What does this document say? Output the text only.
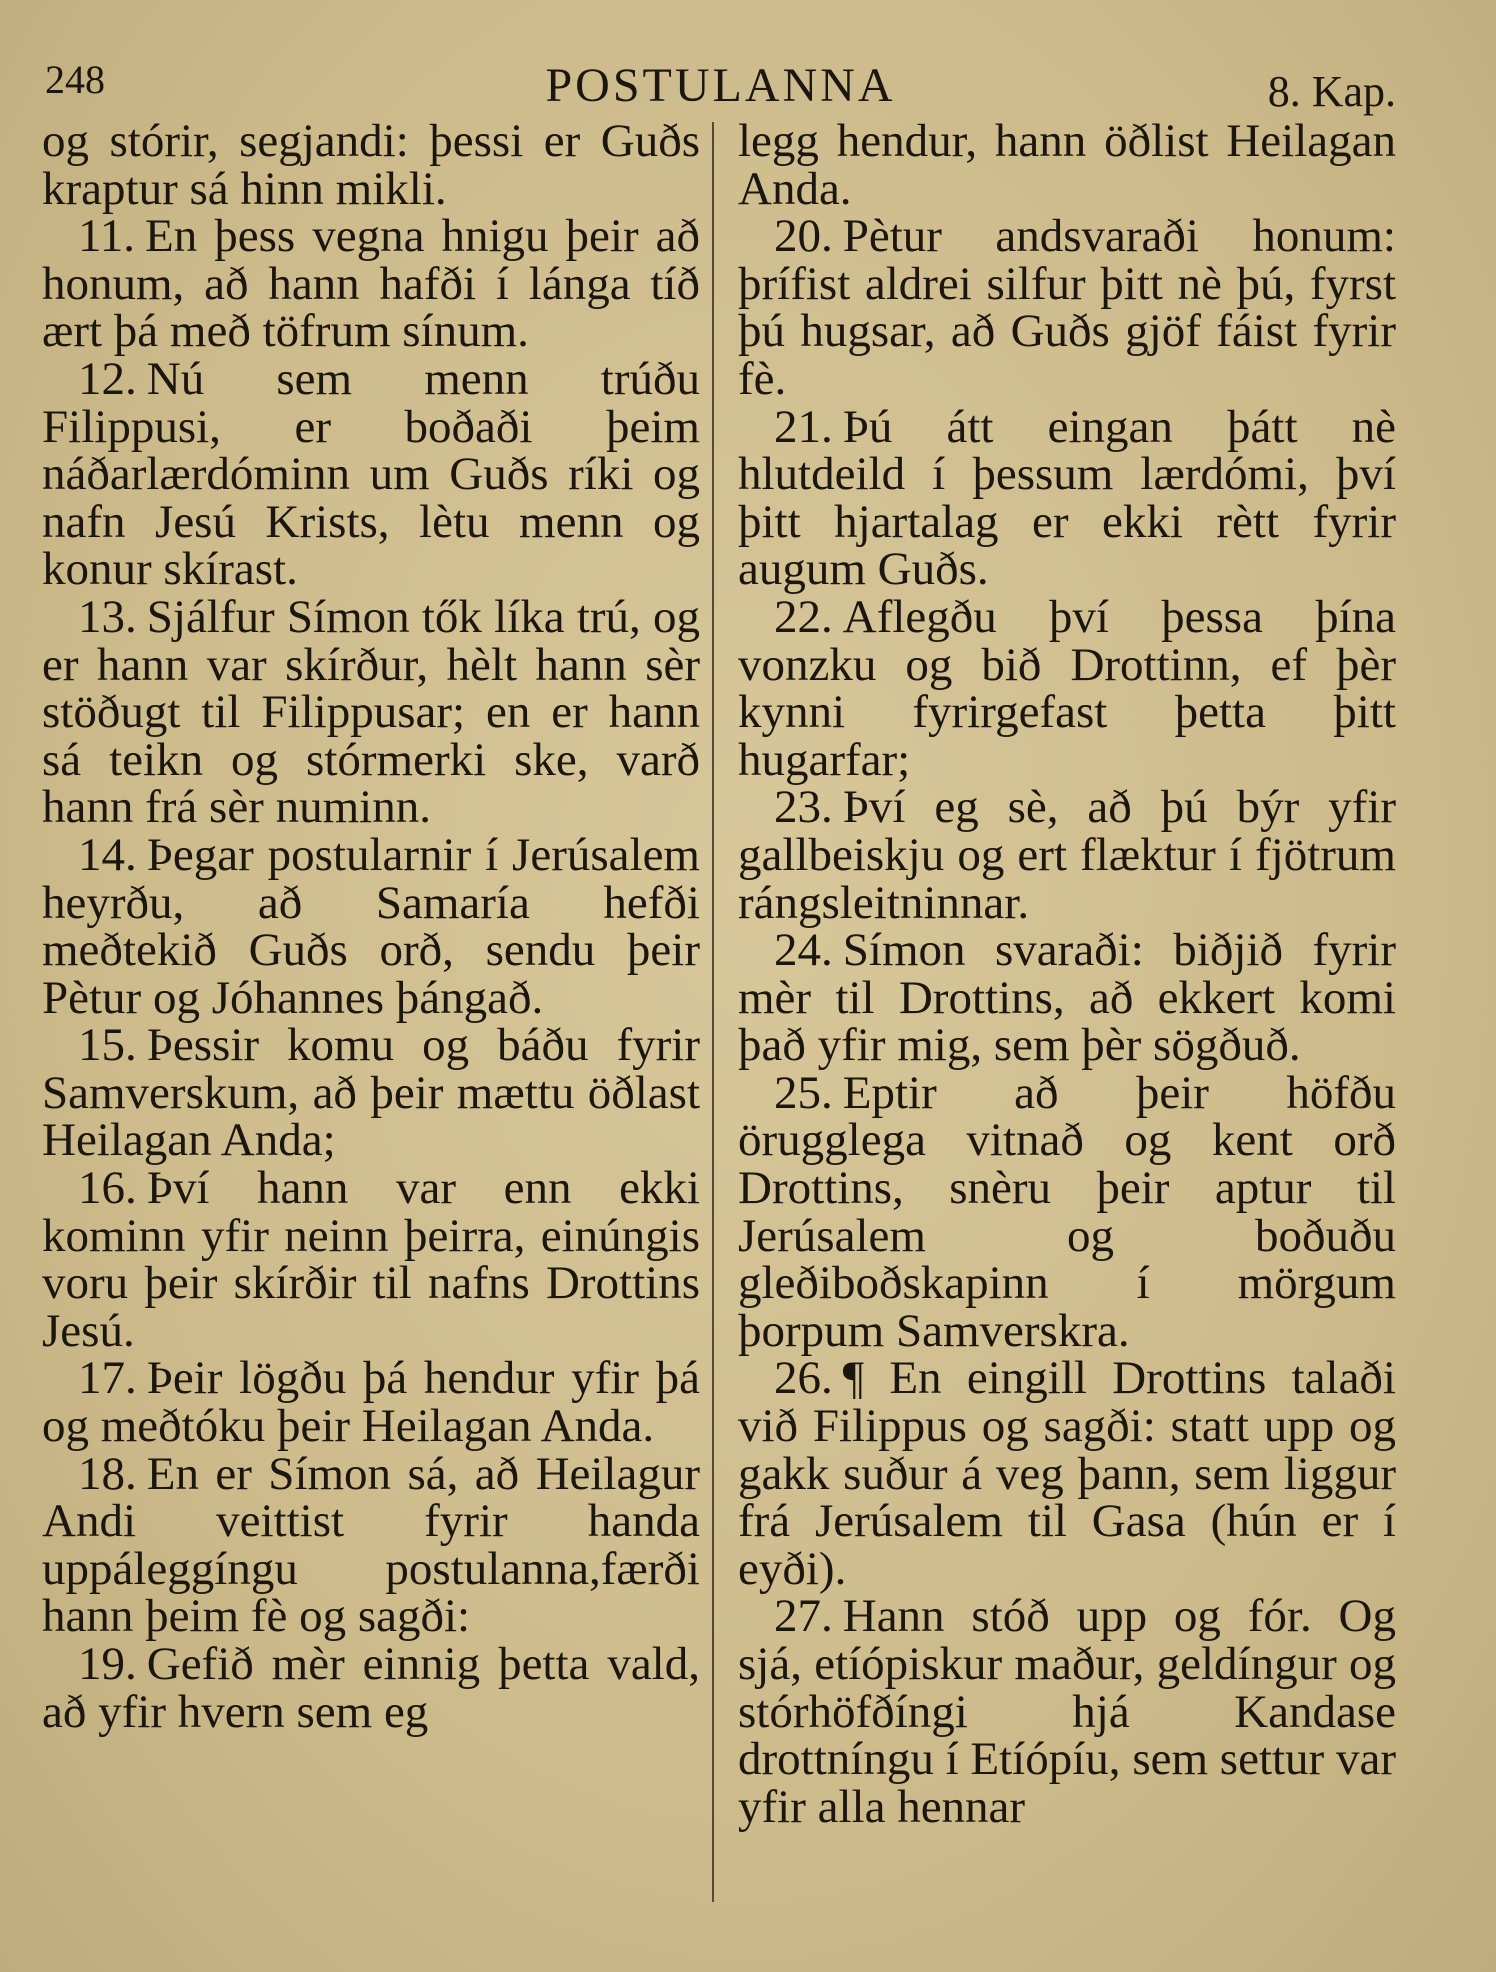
248	POSTULANNA	8. Kap.

og stórir, segjandi: þessi er Guðs kraptur sá hinn mikli.

11. En þess vegna hnigu þeir að honum, að hann hafði í lánga tíð ært þá með töfrum sínum.

12. Nú sem menn trúðu Filippusi, er boðaði þeim náðarlærdóminn um Guðs ríki og nafn Jesú Krists, lètu menn og konur skírast.

13. Sjálfur Símon tők líka trú, og er hann var skírður, hèlt hann sèr stöðugt til Filippusar; en er hann sá teikn og stórmerki ske, varð hann frá sèr numinn.

14. Þegar postularnir í Jerúsalem heyrðu, að Samaría hefði meðtekið Guðs orð, sendu þeir Pètur og Jóhannes þángað.

15. Þessir komu og báðu fyrir Samverskum, að þeir mættu öðlast Heilagan Anda;

16. Því hann var enn ekki kominn yfir neinn þeirra, einúngis voru þeir skírðir til nafns Drottins Jesú.

17. Þeir lögðu þá hendur yfir þá og meðtóku þeir Heilagan Anda.

18. En er Símon sá, að Heilagur Andi veittist fyrir handa uppáleggíngu postulanna,færði hann þeim fè og sagði:

19. Gefið mèr einnig þetta vald, að yfir hvern sem eg

legg hendur, hann öðlist Heilagan Anda.

20. Pètur andsvaraði honum: þrífist aldrei silfur þitt nè þú, fyrst þú hugsar, að Guðs gjöf fáist fyrir fè.

21. Þú átt eingan þátt nè hlutdeild í þessum lærdómi, því þitt hjartalag er ekki rètt fyrir augum Guðs.

22. Aflegðu því þessa þína vonzku og bið Drottinn, ef þèr kynni fyrirgefast þetta þitt hugarfar;

23. Því eg sè, að þú býr yfir gallbeiskju og ert flæktur í fjötrum rángsleitninnar.

24. Símon svaraði: biðjið fyrir mèr til Drottins, að ekkert komi það yfir mig, sem þèr sögðuð.

25. Eptir að þeir höfðu örugglega vitnað og kent orð Drottins, snèru þeir aptur til Jerúsalem og boðuðu gleðiboðskapinn í mörgum þorpum Samverskra.

26. ¶ En eingill Drottins talaði við Filippus og sagði: statt upp og gakk suður á veg þann, sem liggur frá Jerúsalem til Gasa (hún er í eyði).

27. Hann stóð upp og fór. Og sjá, etíópiskur maður, geldíngur og stórhöfðíngi hjá Kandase drottníngu í Etíópíu, sem settur var yfir alla hennar
